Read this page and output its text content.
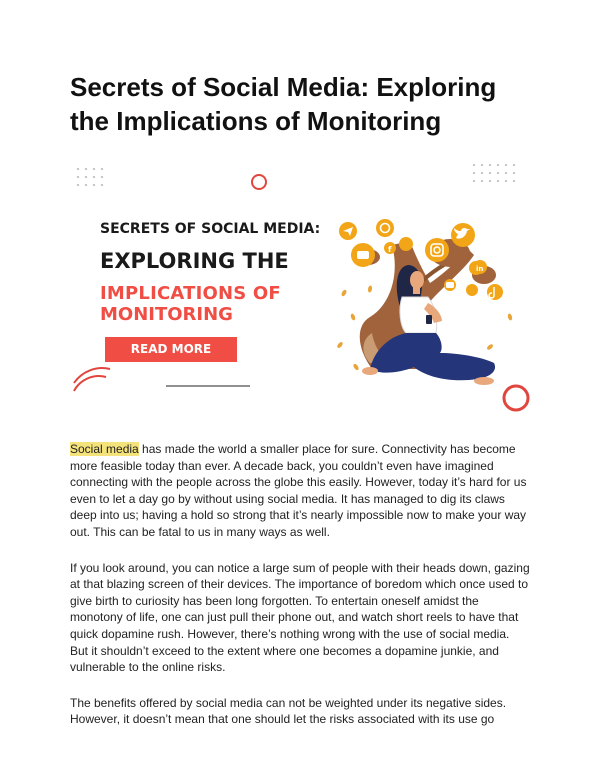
Secrets of Social Media: Exploring the Implications of Monitoring
f
in
SECRETS OF SOCIAL MEDIA:
EXPLORING THE
IMPLICATIONS OF
MONITORING
READ MORE

Social media has made the world a smaller place for sure. Connectivity has become more feasible today than ever. A decade back, you couldn’t even have imagined connecting with the people across the globe this easily. However, today it’s hard for us even to let a day go by without using social media. It has managed to dig its claws deep into us; having a hold so strong that it’s nearly impossible now to make your way out. This can be fatal to us in many ways as well.

If you look around, you can notice a large sum of people with their heads down, gazing at that blazing screen of their devices. The importance of boredom which once used to give birth to curiosity has been long forgotten. To entertain oneself amidst the monotony of life, one can just pull their phone out, and watch short reels to have that quick dopamine rush. However, there’s nothing wrong with the use of social media. But it shouldn’t exceed to the extent where one becomes a dopamine junkie, and vulnerable to the online risks.

The benefits offered by social media can not be weighted under its negative sides. However, it doesn’t mean that one should let the risks associated with its use go
